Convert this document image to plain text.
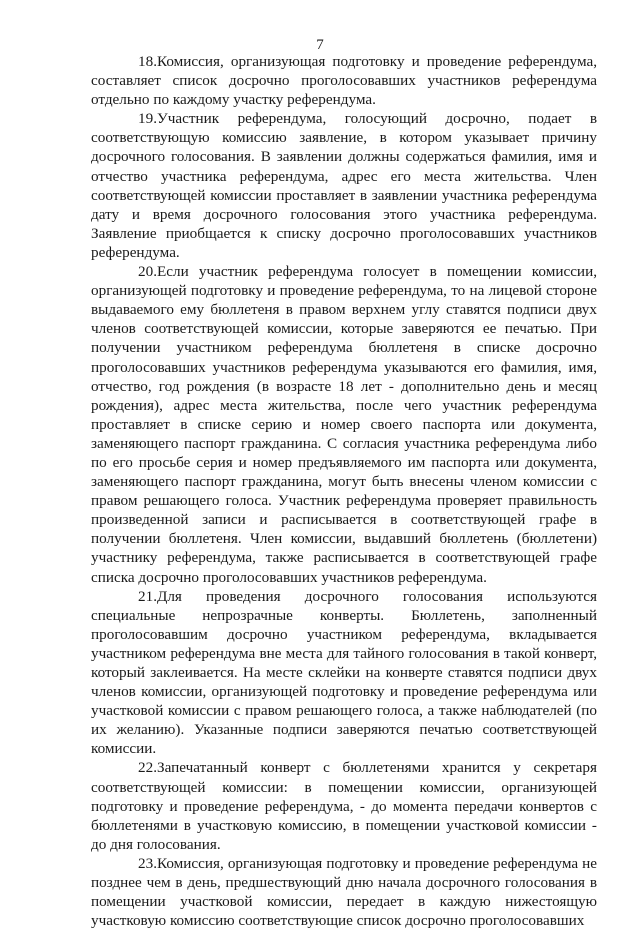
7

18.Комиссия, организующая подготовку и проведение референдума, составляет список досрочно проголосовавших участников референдума отдельно по каждому участку референдума.

19.Участник референдума, голосующий досрочно, подает в соответствующую комиссию заявление, в котором указывает причину досрочного голосования. В заявлении должны содержаться фамилия, имя и отчество участника референдума, адрес его места жительства. Член соответствующей комиссии проставляет в заявлении участника референдума дату и время досрочного голосования этого участника референдума. Заявление приобщается к списку досрочно проголосовавших участников референдума.

20.Если участник референдума голосует в помещении комиссии, организующей подготовку и проведение референдума, то на лицевой стороне выдаваемого ему бюллетеня в правом верхнем углу ставятся подписи двух членов соответствующей комиссии, которые заверяются ее печатью. При получении участником референдума бюллетеня в списке досрочно проголосовавших участников референдума указываются его фамилия, имя, отчество, год рождения (в возрасте 18 лет - дополнительно день и месяц рождения), адрес места жительства, после чего участник референдума проставляет в списке серию и номер своего паспорта или документа, заменяющего паспорт гражданина. С согласия участника референдума либо по его просьбе серия и номер предъявляемого им паспорта или документа, заменяющего паспорт гражданина, могут быть внесены членом комиссии с правом решающего голоса. Участник референдума проверяет правильность произведенной записи и расписывается в соответствующей графе в получении бюллетеня. Член комиссии, выдавший бюллетень (бюллетени) участнику референдума, также расписывается в соответствующей графе списка досрочно проголосовавших участников референдума.

21.Для проведения досрочного голосования используются специальные непрозрачные конверты. Бюллетень, заполненный проголосовавшим досрочно участником референдума, вкладывается участником референдума вне места для тайного голосования в такой конверт, который заклеивается. На месте склейки на конверте ставятся подписи двух членов комиссии, организующей подготовку и проведение референдума или участковой комиссии с правом решающего голоса, а также наблюдателей (по их желанию). Указанные подписи заверяются печатью соответствующей комиссии.

22.Запечатанный конверт с бюллетенями хранится у секретаря соответствующей комиссии: в помещении комиссии, организующей подготовку и проведение референдума, - до момента передачи конвертов с бюллетенями в участковую комиссию, в помещении участковой комиссии - до дня голосования.

23.Комиссия, организующая подготовку и проведение референдума не позднее чем в день, предшествующий дню начала досрочного голосования в помещении участковой комиссии, передает в каждую нижестоящую участковую комиссию соответствующие список досрочно проголосовавших
